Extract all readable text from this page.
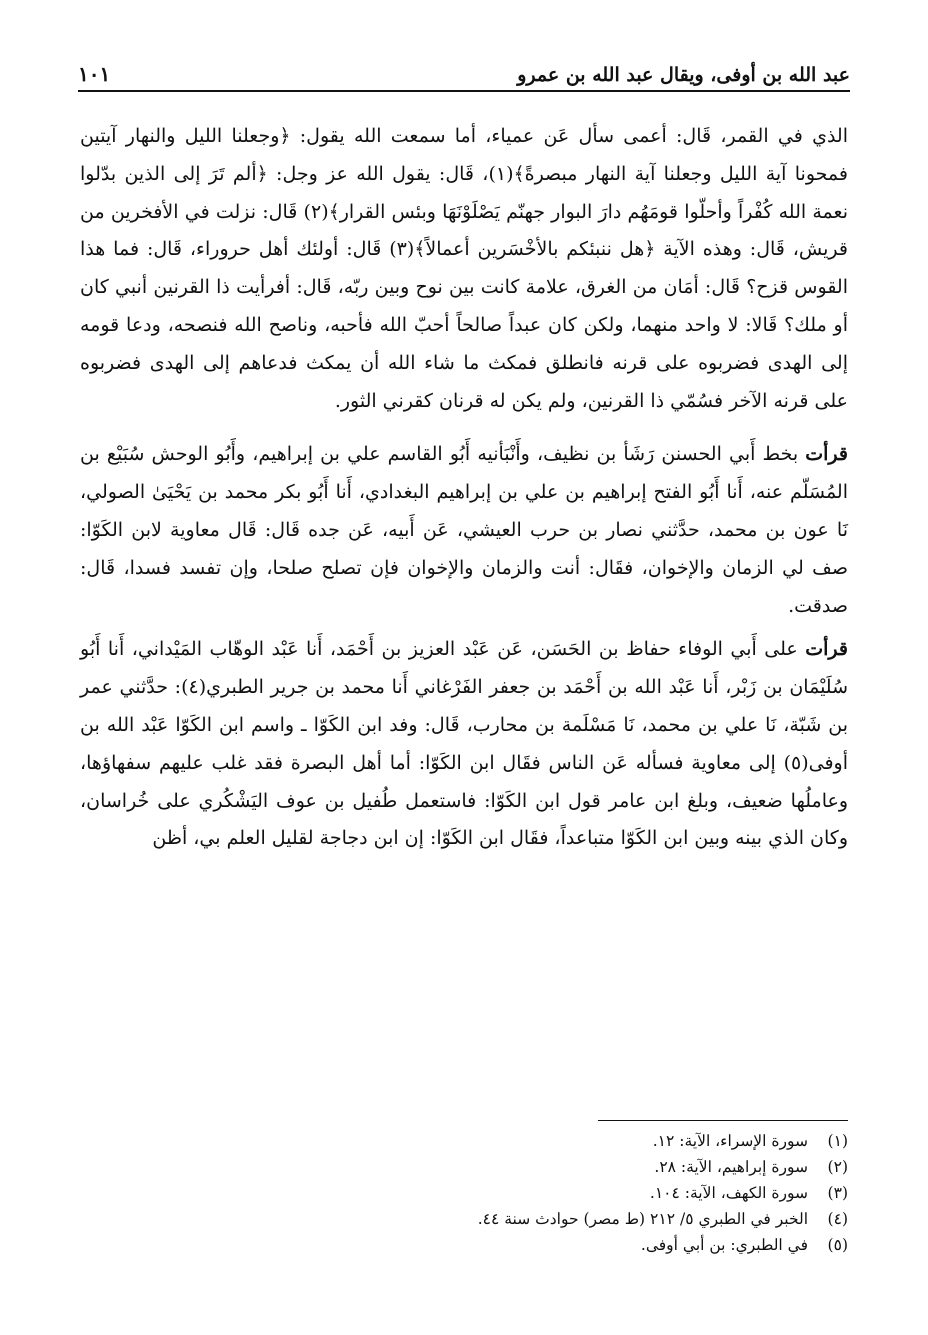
عبد الله بن أوفى، ويقال عبد الله بن عمرو
١٠١

الذي في القمر، قَال: أعمى سأل عَن عمياء، أما سمعت الله يقول: ﴿وجعلنا الليل والنهار آيتين فمحونا آية الليل وجعلنا آية النهار مبصرةً﴾(١)، قَال: يقول الله عز وجل: ﴿ألم تَرَ إلى الذين بدّلوا نعمة الله كُفْراً وأحلّوا قومَهُم دارَ البوار جهنّم يَصْلَوْنَهَا وبئس القرار﴾(٢) قَال: نزلت في الأفخرين من قريش، قَال: وهذه الآية ﴿هل ننبئكم بالأخْسَرين أعمالاً﴾(٣) قَال: أولئك أهل حروراء، قَال: فما هذا القوس قزح؟ قَال: أمَان من الغرق، علامة كانت بين نوح وبين ربّه، قَال: أفرأيت ذا القرنين أنبي كان أو ملك؟ قَالا: لا واحد منهما، ولكن كان عبداً صالحاً أحبّ الله فأحبه، وناصح الله فنصحه، ودعا قومه إلى الهدى فضربوه على قرنه فانطلق فمكث ما شاء الله أن يمكث فدعاهم إلى الهدى فضربوه على قرنه الآخر فسُمّي ذا القرنين، ولم يكن له قرنان كقرني الثور.

قرأت بخط أَبي الحسنن رَشَأ بن نظيف، وأَنْبَأنيه أَبُو القاسم علي بن إبراهيم، وأَبُو الوحش سُبَيْع بن المُسَلّم عنه، أَنا أَبُو الفتح إبراهيم بن علي بن إبراهيم البغدادي، أَنا أَبُو بكر محمد بن يَحْيَىٰ الصولي، نَا عون بن محمد، حدَّثني نصار بن حرب العيشي، عَن أَبيه، عَن جده قَال: قَال معاوية لابن الكَوّا: صف لي الزمان والإخوان، فقَال: أنت والزمان والإخوان فإن تصلح صلحا، وإن تفسد فسدا، قَال: صدقت.

قرأت على أَبي الوفاء حفاظ بن الحَسَن، عَن عَبْد العزيز بن أَحْمَد، أَنا عَبْد الوهّاب المَيْداني، أَنا أَبُو سُلَيْمَان بن زَبْر، أَنا عَبْد الله بن أَحْمَد بن جعفر الفَرْغاني أَنا محمد بن جرير الطبري(٤): حدَّثني عمر بن شَبّة، نَا علي بن محمد، نَا مَسْلَمة بن محارب، قَال: وفد ابن الكَوّا ـ واسم ابن الكَوّا عَبْد الله بن أوفى(٥) إلى معاوية فسأله عَن الناس فقَال ابن الكَوّا: أما أهل البصرة فقد غلب عليهم سفهاؤها، وعاملُها ضعيف، وبلغ ابن عامر قول ابن الكَوّا: فاستعمل طُفيل بن عوف اليَشْكُري على خُراسان، وكان الذي بينه وبين ابن الكَوّا متباعداً، فقَال ابن الكَوّا: إن ابن دجاجة لقليل العلم بي، أظن

(١)
سورة الإسراء، الآية: ١٢.
(٢)
سورة إبراهيم، الآية: ٢٨.
(٣)
سورة الكهف، الآية: ١٠٤.
(٤)
الخبر في الطبري ٥/ ٢١٢ (ط مصر) حوادث سنة ٤٤.
(٥)
في الطبري: بن أبي أوفى.
